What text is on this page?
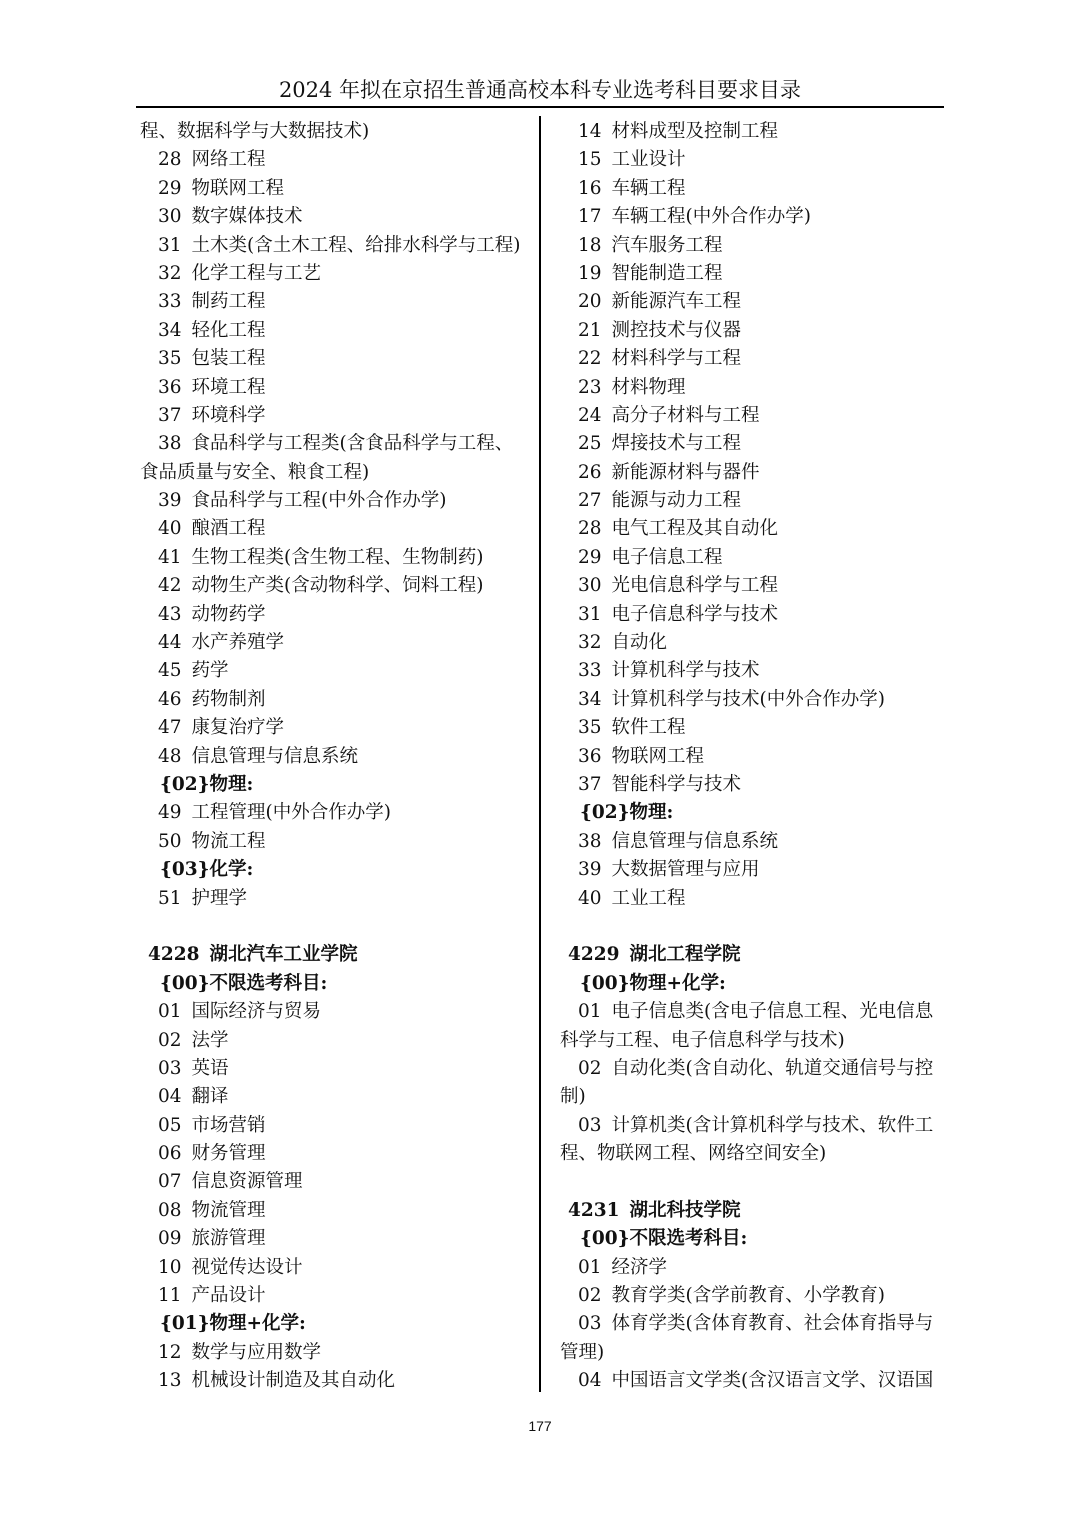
2024 年拟在京招生普通高校本科专业选考科目要求目录
程、数据科学与大数据技术)
28 网络工程
29 物联网工程
30 数字媒体技术
31 土木类(含土木工程、给排水科学与工程)
32 化学工程与工艺
33 制药工程
34 轻化工程
35 包装工程
36 环境工程
37 环境科学
38 食品科学与工程类(含食品科学与工程、
食品质量与安全、粮食工程)
39 食品科学与工程(中外合作办学)
40 酿酒工程
41 生物工程类(含生物工程、生物制药)
42 动物生产类(含动物科学、饲料工程)
43 动物药学
44 水产养殖学
45 药学
46 药物制剂
47 康复治疗学
48 信息管理与信息系统
{02}物理:
49 工程管理(中外合作办学)
50 物流工程
{03}化学:
51 护理学
4228 湖北汽车工业学院
{00}不限选考科目:
01 国际经济与贸易
02 法学
03 英语
04 翻译
05 市场营销
06 财务管理
07 信息资源管理
08 物流管理
09 旅游管理
10 视觉传达设计
11 产品设计
{01}物理+化学:
12 数学与应用数学
13 机械设计制造及其自动化
14 材料成型及控制工程
15 工业设计
16 车辆工程
17 车辆工程(中外合作办学)
18 汽车服务工程
19 智能制造工程
20 新能源汽车工程
21 测控技术与仪器
22 材料科学与工程
23 材料物理
24 高分子材料与工程
25 焊接技术与工程
26 新能源材料与器件
27 能源与动力工程
28 电气工程及其自动化
29 电子信息工程
30 光电信息科学与工程
31 电子信息科学与技术
32 自动化
33 计算机科学与技术
34 计算机科学与技术(中外合作办学)
35 软件工程
36 物联网工程
37 智能科学与技术
{02}物理:
38 信息管理与信息系统
39 大数据管理与应用
40 工业工程
4229 湖北工程学院
{00}物理+化学:
01 电子信息类(含电子信息工程、光电信息
科学与工程、电子信息科学与技术)
02 自动化类(含自动化、轨道交通信号与控
制)
03 计算机类(含计算机科学与技术、软件工
程、物联网工程、网络空间安全)
4231 湖北科技学院
{00}不限选考科目:
01 经济学
02 教育学类(含学前教育、小学教育)
03 体育学类(含体育教育、社会体育指导与
管理)
04 中国语言文学类(含汉语言文学、汉语国
177
